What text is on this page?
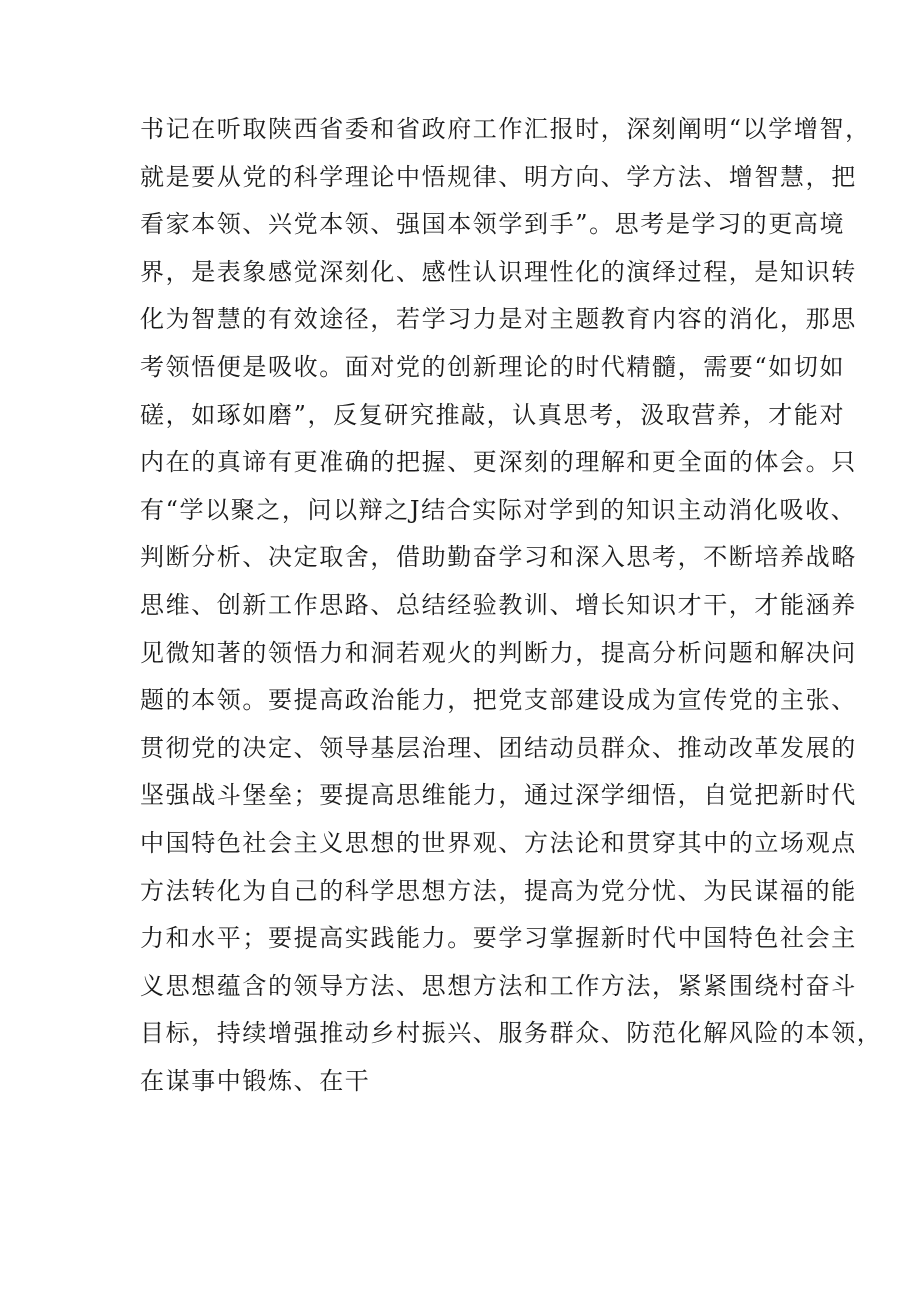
书记在听取陕西省委和省政府工作汇报时，深刻阐明“以学增智，
就是要从党的科学理论中悟规律、明方向、学方法、增智慧，把
看家本领、兴党本领、强国本领学到手”。思考是学习的更高境
界，是表象感觉深刻化、感性认识理性化的演绎过程，是知识转
化为智慧的有效途径，若学习力是对主题教育内容的消化，那思
考领悟便是吸收。面对党的创新理论的时代精髓，需要“如切如
磋，如琢如磨”，反复研究推敲，认真思考，汲取营养，才能对
内在的真谛有更准确的把握、更深刻的理解和更全面的体会。只
有“学以聚之，问以辩之J结合实际对学到的知识主动消化吸收、
判断分析、决定取舍，借助勤奋学习和深入思考，不断培养战略
思维、创新工作思路、总结经验教训、增长知识才干，才能涵养
见微知著的领悟力和洞若观火的判断力，提高分析问题和解决问
题的本领。要提高政治能力，把党支部建设成为宣传党的主张、
贯彻党的决定、领导基层治理、团结动员群众、推动改革发展的
坚强战斗堡垒；要提高思维能力，通过深学细悟，自觉把新时代
中国特色社会主义思想的世界观、方法论和贯穿其中的立场观点
方法转化为自己的科学思想方法，提高为党分忧、为民谋福的能
力和水平；要提高实践能力。要学习掌握新时代中国特色社会主
义思想蕴含的领导方法、思想方法和工作方法，紧紧围绕村奋斗
目标，持续增强推动乡村振兴、服务群众、防范化解风险的本领，
在谋事中锻炼、在干
